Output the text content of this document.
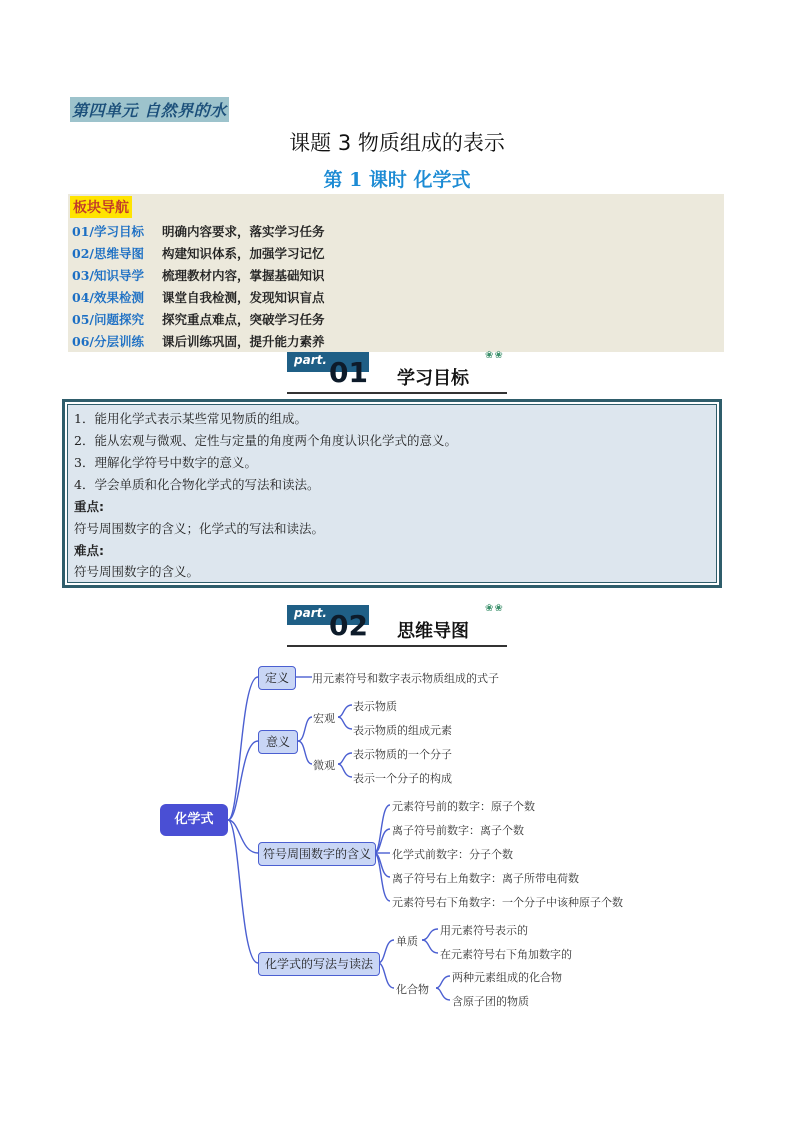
第四单元 自然界的水
课题 3 物质组成的表示
第 1 课时 化学式
板块导航
01/学习目标 明确内容要求，落实学习任务
02/思维导图 构建知识体系，加强学习记忆
03/知识导学 梳理教材内容，掌握基础知识
04/效果检测 课堂自我检测，发现知识盲点
05/问题探究 探究重点难点，突破学习任务
06/分层训练 课后训练巩固，提升能力素养
part. 01 学习目标
❀❀
1．能用化学式表示某些常见物质的组成。
2．能从宏观与微观、定性与定量的角度两个角度认识化学式的意义。
3．理解化学符号中数字的意义。
4．学会单质和化合物化学式的写法和读法。
重点:
符号周围数字的含义；化学式的写法和读法。
难点:
符号周围数字的含义。
part. 02 思维导图
❀❀
化学式
定义	用元素符号和数字表示物质组成的式子
意义
宏观
表示物质
表示物质的组成元素
微观
表示物质的一个分子
表示一个分子的构成
符号周围数字的含义
元素符号前的数字：原子个数
离子符号前数字：离子个数
化学式前数字：分子个数
离子符号右上角数字：离子所带电荷数
元素符号右下角数字：一个分子中该种原子个数
化学式的写法与读法
单质
用元素符号表示的
在元素符号右下角加数字的
化合物
两种元素组成的化合物
含原子团的物质
